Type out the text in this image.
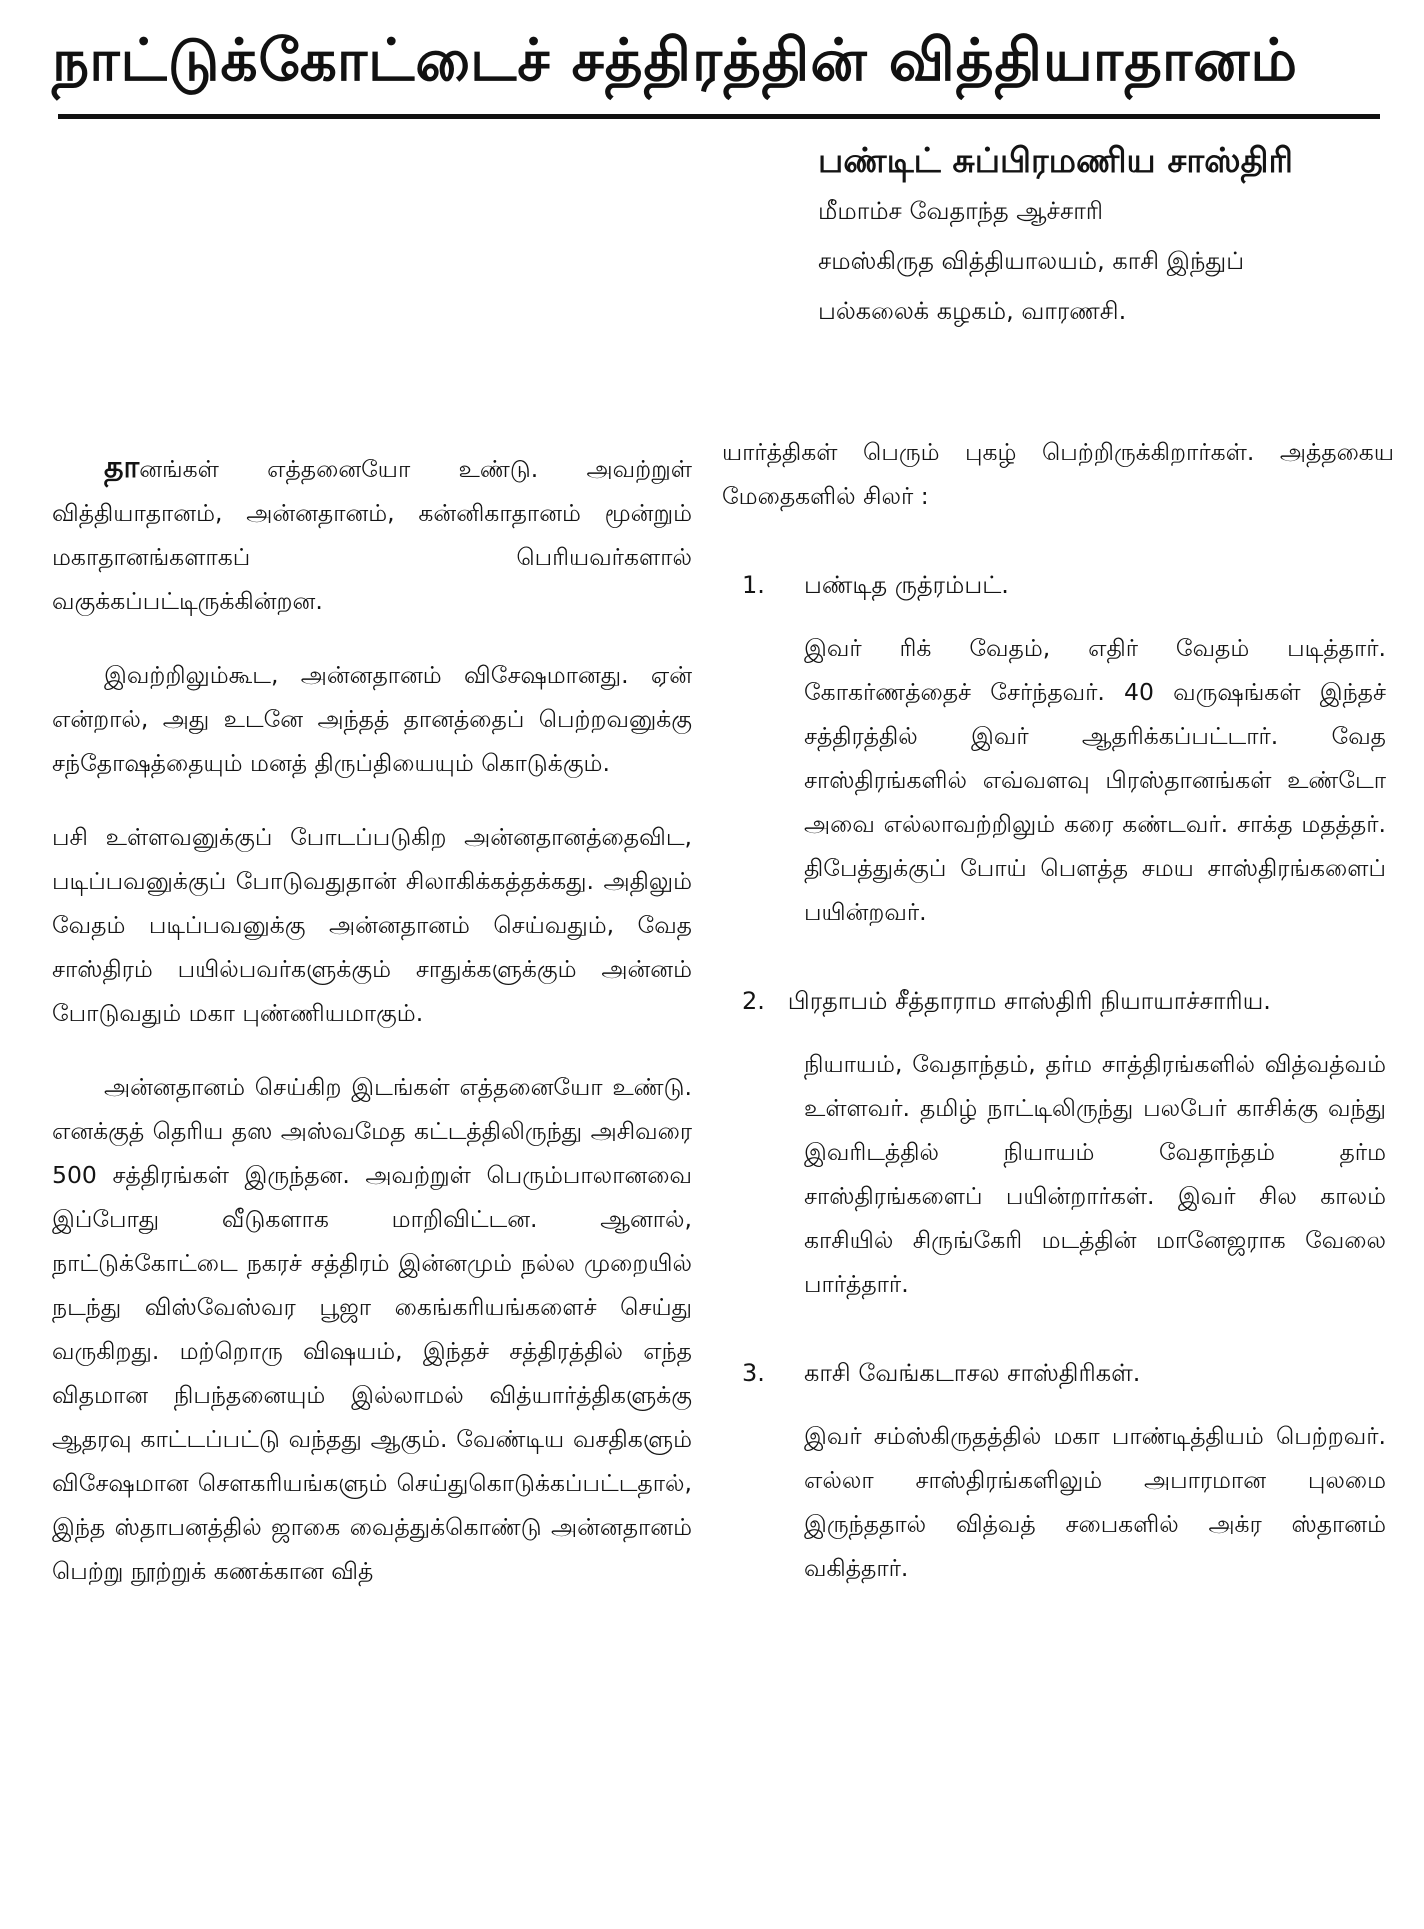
நாட்டுக்கோட்டைச் சத்திரத்தின் வித்தியாதானம்
பண்டிட் சுப்பிரமணிய சாஸ்திரி
மீமாம்ச வேதாந்த ஆச்சாரி
சமஸ்கிருத வித்தியாலயம், காசி இந்துப்
பல்கலைக் கழகம், வாரணசி.

தானங்கள் எத்தனையோ உண்டு. அவற்றுள் வித்தியாதானம், அன்னதானம், கன்னிகாதானம் மூன்றும் மகாதானங்களாகப் பெரியவர்களால் வகுக்கப்பட்டிருக்கின்றன.

இவற்றிலும்கூட, அன்னதானம் விசேஷமானது. ஏன் என்றால், அது உடனே அந்தத் தானத்தைப் பெற்றவனுக்கு சந்தோஷத்தையும் மனத் திருப்தியையும் கொடுக்கும்.

பசி உள்ளவனுக்குப் போடப்படுகிற அன்னதானத்தைவிட, படிப்பவனுக்குப் போடுவதுதான் சிலாகிக்கத்தக்கது. அதிலும் வேதம் படிப்பவனுக்கு அன்னதானம் செய்வதும், வேத சாஸ்திரம் பயில்பவர்களுக்கும் சாதுக்களுக்கும் அன்னம் போடுவதும் மகா புண்ணியமாகும்.

அன்னதானம் செய்கிற இடங்கள் எத்தனையோ உண்டு. எனக்குத் தெரிய தஸ அஸ்வமேத கட்டத்திலிருந்து அசிவரை 500 சத்திரங்கள் இருந்தன. அவற்றுள் பெரும்பாலானவை இப்போது வீடுகளாக மாறிவிட்டன. ஆனால், நாட்டுக்கோட்டை நகரச் சத்திரம் இன்னமும் நல்ல முறையில் நடந்து விஸ்வேஸ்வர பூஜா கைங்கரியங்களைச் செய்து வருகிறது. மற்றொரு விஷயம், இந்தச் சத்திரத்தில் எந்த விதமான நிபந்தனையும் இல்லாமல் வித்யார்த்திகளுக்கு ஆதரவு காட்டப்பட்டு வந்தது ஆகும். வேண்டிய வசதிகளும் விசேஷமான சௌகரியங்களும் செய்துகொடுக்கப்பட்டதால், இந்த ஸ்தாபனத்தில் ஜாகை வைத்துக்கொண்டு அன்னதானம் பெற்று நூற்றுக் கணக்கான வித்

யார்த்திகள் பெரும் புகழ் பெற்றிருக்கிறார்கள். அத்தகைய மேதைகளில் சிலர் :

1. பண்டித ருத்ரம்பட்.

இவர் ரிக் வேதம், எதிர் வேதம் படித்தார். கோகர்ணத்தைச் சேர்ந்தவர். 40 வருஷங்கள் இந்தச் சத்திரத்தில் இவர் ஆதரிக்கப்பட்டார். வேத சாஸ்திரங்களில் எவ்வளவு பிரஸ்தானங்கள் உண்டோ அவை எல்லாவற்றிலும் கரை கண்டவர். சாக்த மதத்தர். திபேத்துக்குப் போய் பௌத்த சமய சாஸ்திரங்களைப் பயின்றவர்.

2. பிரதாபம் சீத்தாராம சாஸ்திரி நியாயாச்சாரிய.

நியாயம், வேதாந்தம், தர்ம சாத்திரங்களில் வித்வத்வம் உள்ளவர். தமிழ் நாட்டிலிருந்து பலபேர் காசிக்கு வந்து இவரிடத்தில் நியாயம் வேதாந்தம் தர்ம சாஸ்திரங்களைப் பயின்றார்கள். இவர் சில காலம் காசியில் சிருங்கேரி மடத்தின் மானேஜராக வேலை பார்த்தார்.

3. காசி வேங்கடாசல சாஸ்திரிகள்.

இவர் சம்ஸ்கிருதத்தில் மகா பாண்டித்தியம் பெற்றவர். எல்லா சாஸ்திரங்களிலும் அபாரமான புலமை இருந்ததால் வித்வத் சபைகளில் அக்ர ஸ்தானம் வகித்தார்.
